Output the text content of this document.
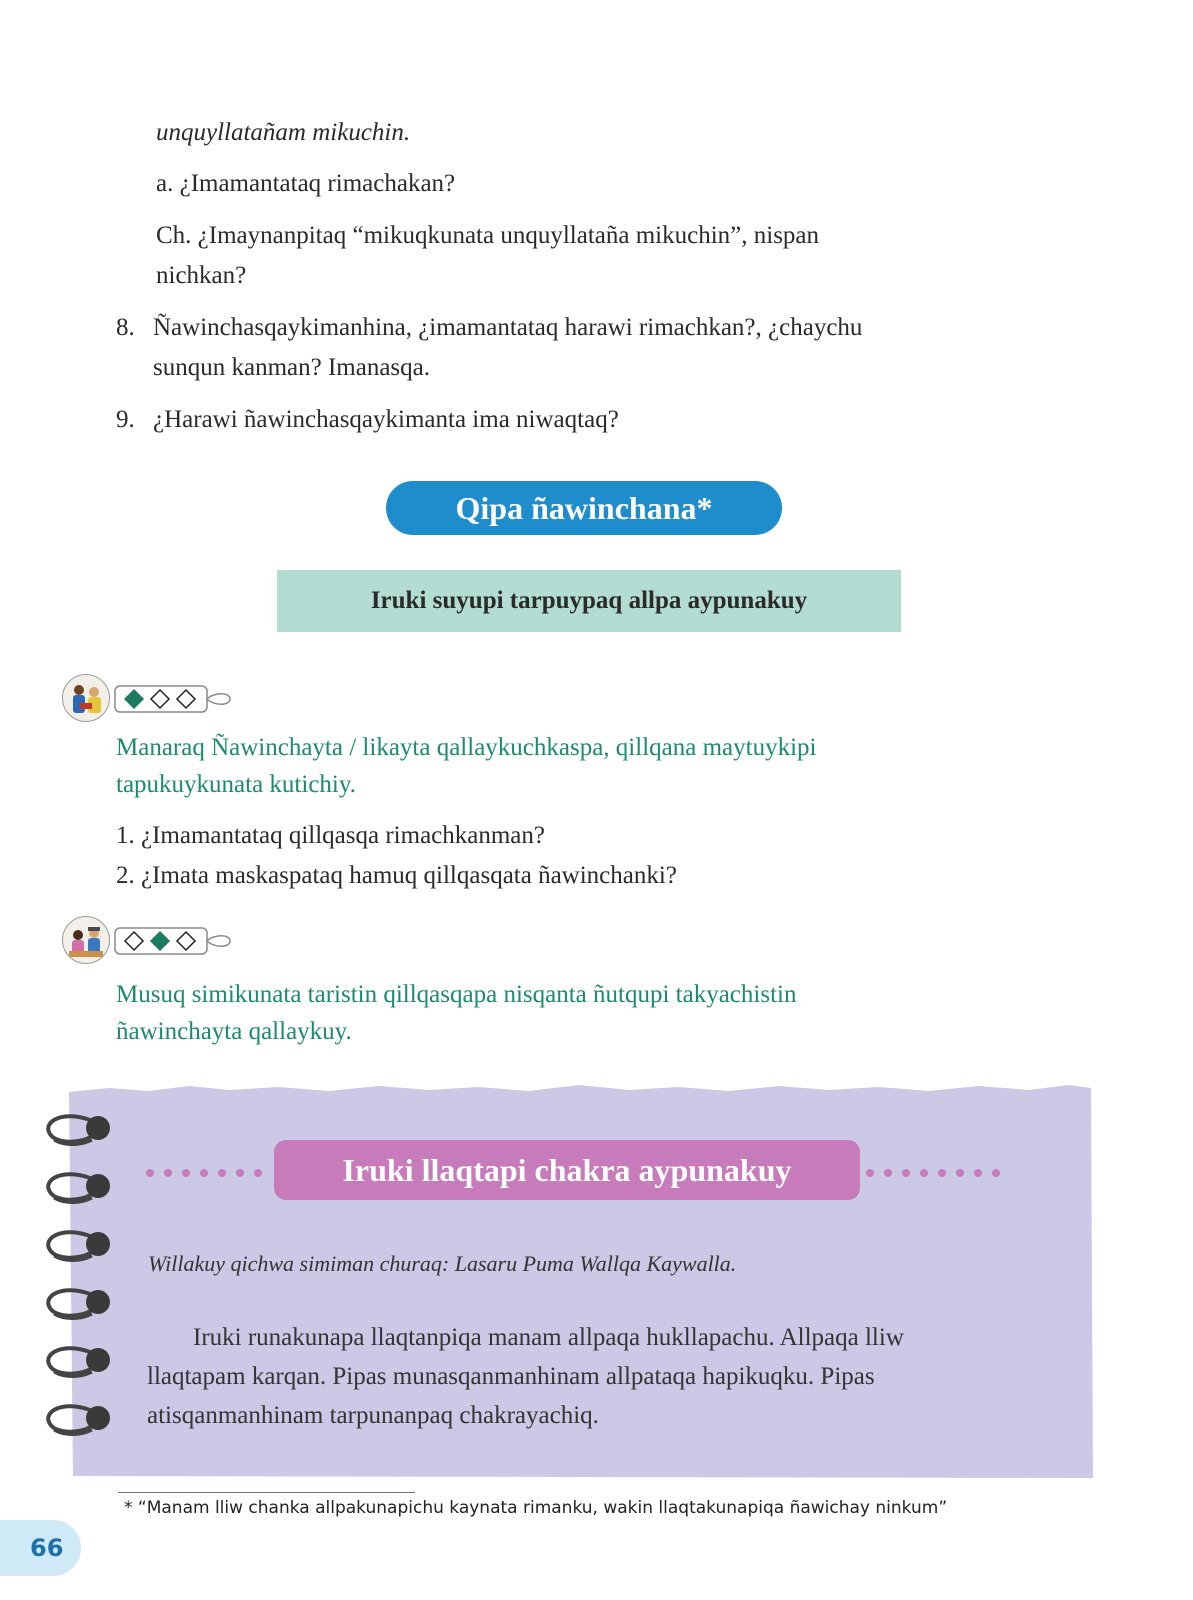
unquyllatañam mikuchin.
a. ¿Imamantataq rimachakan?
Ch. ¿Imaynanpitaq “mikuqkunata unquyllataña mikuchin”, nispan
nichkan?
8. Ñawinchasqaykimanhina, ¿imamantataq harawi rimachkan?, ¿chaychu
sunqun kanman? Imanasqa.
9. ¿Harawi ñawinchasqaykimanta ima niwaqtaq?
Qipa ñawinchana*
Iruki suyupi tarpuypaq allpa aypunakuy
Manaraq Ñawinchayta / likayta qallaykuchkaspa, qillqana maytuykipi
tapukuykunata kutichiy.
1. ¿Imamantataq qillqasqa rimachkanman?
2. ¿Imata maskaspataq hamuq qillqasqata ñawinchanki?
Musuq simikunata taristin qillqasqapa nisqanta ñutqupi takyachistin
ñawinchayta qallaykuy.
Iruki llaqtapi chakra aypunakuy
Willakuy qichwa simiman churaq: Lasaru Puma Wallqa Kaywalla.
Iruki runakunapa llaqtanpiqa manam allpaqa hukllapachu. Allpaqa lliw
llaqtapam karqan. Pipas munasqanmanhinam allpataqa hapikuqku. Pipas
atisqanmanhinam tarpunanpaq chakrayachiq.
* “Manam lliw chanka allpakunapichu kaynata rimanku, wakin llaqtakunapiqa ñawichay ninkum”
66
